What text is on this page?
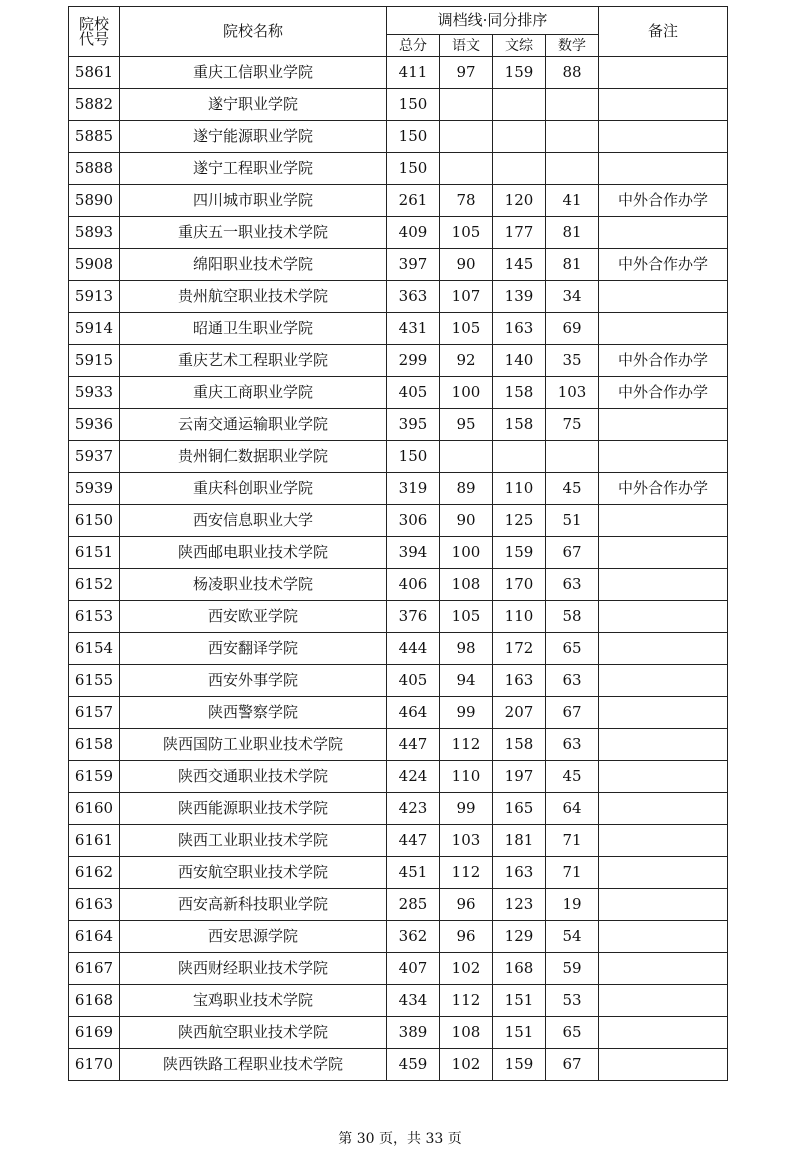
院校
代号	院校名称	调档线·同分排序				备注
		总分	语文	文综	数学	
5861	重庆工信职业学院	411	97	159	88	
5882	遂宁职业学院	150				
5885	遂宁能源职业学院	150				
5888	遂宁工程职业学院	150				
5890	四川城市职业学院	261	78	120	41	中外合作办学
5893	重庆五一职业技术学院	409	105	177	81	
5908	绵阳职业技术学院	397	90	145	81	中外合作办学
5913	贵州航空职业技术学院	363	107	139	34	
5914	昭通卫生职业学院	431	105	163	69	
5915	重庆艺术工程职业学院	299	92	140	35	中外合作办学
5933	重庆工商职业学院	405	100	158	103	中外合作办学
5936	云南交通运输职业学院	395	95	158	75	
5937	贵州铜仁数据职业学院	150				
5939	重庆科创职业学院	319	89	110	45	中外合作办学
6150	西安信息职业大学	306	90	125	51	
6151	陕西邮电职业技术学院	394	100	159	67	
6152	杨凌职业技术学院	406	108	170	63	
6153	西安欧亚学院	376	105	110	58	
6154	西安翻译学院	444	98	172	65	
6155	西安外事学院	405	94	163	63	
6157	陕西警察学院	464	99	207	67	
6158	陕西国防工业职业技术学院	447	112	158	63	
6159	陕西交通职业技术学院	424	110	197	45	
6160	陕西能源职业技术学院	423	99	165	64	
6161	陕西工业职业技术学院	447	103	181	71	
6162	西安航空职业技术学院	451	112	163	71	
6163	西安高新科技职业学院	285	96	123	19	
6164	西安思源学院	362	96	129	54	
6167	陕西财经职业技术学院	407	102	168	59	
6168	宝鸡职业技术学院	434	112	151	53	
6169	陕西航空职业技术学院	389	108	151	65	
6170	陕西铁路工程职业技术学院	459	102	159	67	
第 30 页，共 33 页
